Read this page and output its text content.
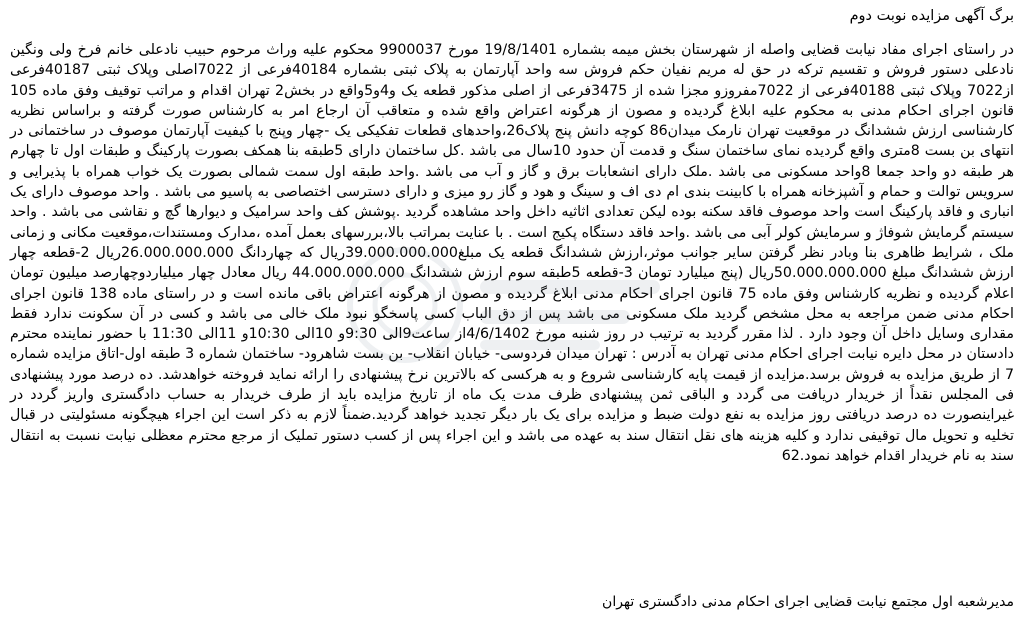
برگ آگهی مزایده نوبت دوم

در راستای اجرای مفاد نیابت قضایی واصله از شهرستان بخش میمه بشماره 19/8/1401 مورخ 9900037 محکوم علیه وراث مرحوم حبیب نادعلی خانم فرخ ولی ونگین نادعلی دستور فروش و تقسیم ترکه در حق له مریم نفیان حکم فروش سه واحد آپارتمان به پلاک ثبتی بشماره 40184فرعی از 7022اصلی وپلاک ثبتی 40187فرعی از7022 وپلاک ثبتی 40188فرعی از 7022مفروزو مجزا شده از 3475فرعی از اصلی مذکور قطعه یک و4و5واقع در بخش2 تهران اقدام و مراتب توقیف وفق ماده 105 قانون اجرای احکام مدنی به محکوم علیه ابلاغ گردیده و مصون از هرگونه اعتراض واقع شده و متعاقب آن ارجاع امر به کارشناس صورت گرفته و براساس نظریه کارشناسی ارزش ششدانگ در موقعیت تهران نارمک میدان86 کوچه دانش پنج پلاک26،واحدهای قطعات تفکیکی یک -چهار وپنج با کیفیت آپارتمان موصوف در ساختمانی در انتهای بن بست 8متری واقع گردیده نمای ساختمان سنگ و قدمت آن حدود 10سال می باشد .کل ساختمان دارای 5طبقه بنا همکف بصورت پارکینگ و طبقات اول تا چهارم هر طبقه دو واحد جمعا 8واحد مسکونی می باشد .ملک دارای انشعابات برق و گاز و آب می باشد .واحد طبقه اول سمت شمالی بصورت یک خواب همراه با پذیرایی و سرویس توالت و حمام و آشپزخانه همراه با کابینت بندی ام دی اف و سینگ و هود و گاز رو میزی و دارای دسترسی اختصاصی به پاسیو می باشد . واحد موصوف دارای یک انباری و فاقد پارکینگ است واحد موصوف فاقد سکنه بوده لیکن تعدادی اثاثیه داخل واحد مشاهده گردید .پوشش کف واحد سرامیک و دیوارها گچ و نقاشی می باشد . واحد سیستم گرمایش شوفاژ و سرمایش کولر آبی می باشد .واحد فاقد دستگاه پکیج است . با عنایت بمراتب بالا،بررسهای بعمل آمده ،مدارک ومستندات،موقعیت مکانی و زمانی ملک ، شرایط ظاهری بنا وبادر نظر گرفتن سایر جوانب موثر،ارزش ششدانگ قطعه یک مبلغ39.000.000.000ریال که چهاردانگ 26.000.000.000ریال 2-قطعه چهار ارزش ششدانگ مبلغ 50.000.000.000ریال (پنج میلیارد تومان 3-قطعه 5طبقه سوم ارزش ششدانگ 44.000.000.000 ریال معادل چهار میلیاردوچهارصد میلیون تومان اعلام گردیده و نظریه کارشناس وفق ماده 75 قانون اجرای احکام مدنی ابلاغ گردیده و مصون از هرگونه اعتراض باقی مانده است و در راستای ماده 138 قانون اجرای احکام مدنی ضمن مراجعه به محل مشخص گردید ملک مسکونی می باشد پس از دق الباب کسی پاسخگو نبود ملک خالی می باشد و کسی در آن سکونت ندارد فقط مقداری وسایل داخل آن وجود دارد . لذا مقرر گردید به ترتیب در روز شنبه مورخ 4/6/1402از ساعت9الی 9:30و 10الی 10:30و 11الی 11:30 با حضور نماینده محترم دادستان در محل دایره نیابت اجرای احکام مدنی تهران به آدرس : تهران میدان فردوسی- خیابان انقلاب- بن بست شاهرود- ساختمان شماره 3 طبقه اول-اتاق مزایده شماره 7 از طریق مزایده به فروش برسد.مزایده از قیمت پایه کارشناسی شروع و به هرکسی که بالاترین نرخ پیشنهادی را ارائه نماید فروخته خواهدشد. ده درصد مورد پیشنهادی فی المجلس نقداً از خریدار دریافت می گردد و الباقی ثمن پیشنهادی ظرف مدت یک ماه از تاریخ مزایده باید از طرف خریدار به حساب دادگستری واریز گردد در غیراینصورت ده درصد دریافتی روز مزایده به نفع دولت ضبط و مزایده برای یک بار دیگر تجدید خواهد گردید.ضمناً لازم به ذکر است این اجراء هیچگونه مسئولیتی در قبال تخلیه و تحویل مال توقیفی ندارد و کلیه هزینه های نقل انتقال سند به عهده می باشد و این اجراء پس از کسب دستور تملیک از مرجع محترم معظلی نیابت نسبت به انتقال سند به نام خریدار اقدام خواهد نمود.62

مدیرشعبه اول مجتمع نیابت قضایی اجرای احکام مدنی دادگستری تهران
